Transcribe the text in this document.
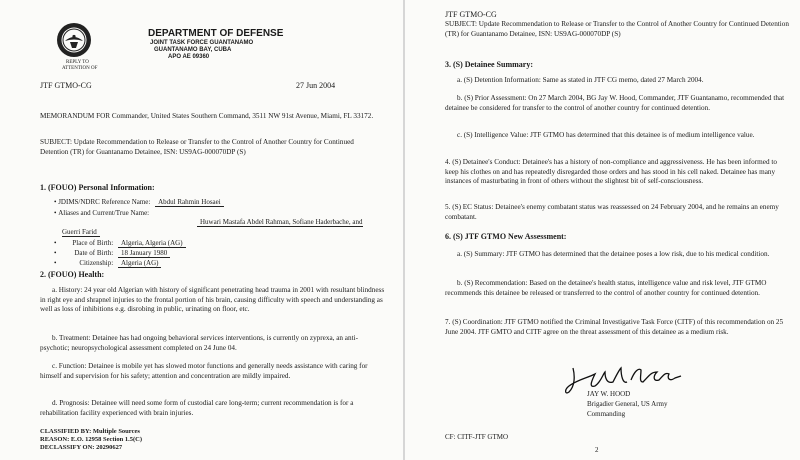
REPLY TO
ATTENTION OF
DEPARTMENT OF DEFENSE
JOINT TASK FORCE GUANTANAMO
GUANTANAMO BAY, CUBA
APO AE 09360
JTF GTMO-CG	27 Jun 2004
MEMORANDUM FOR Commander, United States Southern Command, 3511 NW 91st Avenue, Miami, FL 33172.
SUBJECT: Update Recommendation to Release or Transfer to the Control of Another Country for Continued Detention (TR) for Guantanamo Detainee, ISN: US9AG-000070DP (S)
1. (FOUO) Personal Information:
• JDIMS/NDRC Reference Name: Abdul Rahmin Hosaei
• Aliases and Current/True Name:
Huwari Mastafa Abdel Rahman, Sofiane Haderbache, and Guerri Farid
• Place of Birth: Algeria, Algeria (AG)
• Date of Birth: 18 January 1980
•	Citizenship: Algeria (AG)
2. (FOUO) Health:
a. History: 24 year old Algerian with history of significant penetrating head trauma in 2001 with resultant blindness in right eye and shrapnel injuries to the frontal portion of his brain, causing difficulty with speech and understanding as well as loss of inhibitions e.g. disrobing in public, urinating on floor, etc.
b. Treatment: Detainee has had ongoing behavioral services interventions, is currently on zyprexa, an anti-psychotic; neuropsychological assessment completed on 24 June 04.
c. Function: Detainee is mobile yet has slowed motor functions and generally needs assistance with caring for himself and supervision for his safety; attention and concentration are mildly impaired.
d. Prognosis: Detainee will need some form of custodial care long-term; current recommendation is for a rehabilitation facility experienced with brain injuries.
CLASSIFIED BY: Multiple Sources
REASON: E.O. 12958 Section 1.5(C)
DECLASSIFY ON: 20290627
JTF GTMO-CG
SUBJECT: Update Recommendation to Release or Transfer to the Control of Another Country for Continued Detention (TR) for Guantanamo Detainee, ISN: US9AG-000070DP (S)
3. (S) Detainee Summary:
a. (S) Detention Information: Same as stated in JTF CG memo, dated 27 March 2004.
b. (S) Prior Assessment: On 27 March 2004, BG Jay W. Hood, Commander, JTF Guantanamo, recommended that detainee be considered for transfer to the control of another country for continued detention.
c. (S) Intelligence Value: JTF GTMO has determined that this detainee is of medium intelligence value.
4. (S) Detainee's Conduct: Detainee's has a history of non-compliance and aggressiveness. He has been informed to keep his clothes on and has repeatedly disregarded those orders and has stood in his cell naked. Detainee has many instances of masturbating in front of others without the slightest bit of self-consciousness.
5. (S) EC Status: Detainee's enemy combatant status was reassessed on 24 February 2004, and he remains an enemy combatant.
6. (S) JTF GTMO New Assessment:
a. (S) Summary: JTF GTMO has determined that the detainee poses a low risk, due to his medical condition.
b. (S) Recommendation: Based on the detainee's health status, intelligence value and risk level, JTF GTMO recommends this detainee be released or transferred to the control of another country for continued detention.
7. (S) Coordination: JTF GTMO notified the Criminal Investigative Task Force (CITF) of this recommendation on 25 June 2004. JTF GMTO and CITF agree on the threat assessment of this detainee as a medium risk.
JAY W. HOOD
Brigadier General, US Army
Commanding
CF: CITF-JTF GTMO
2
